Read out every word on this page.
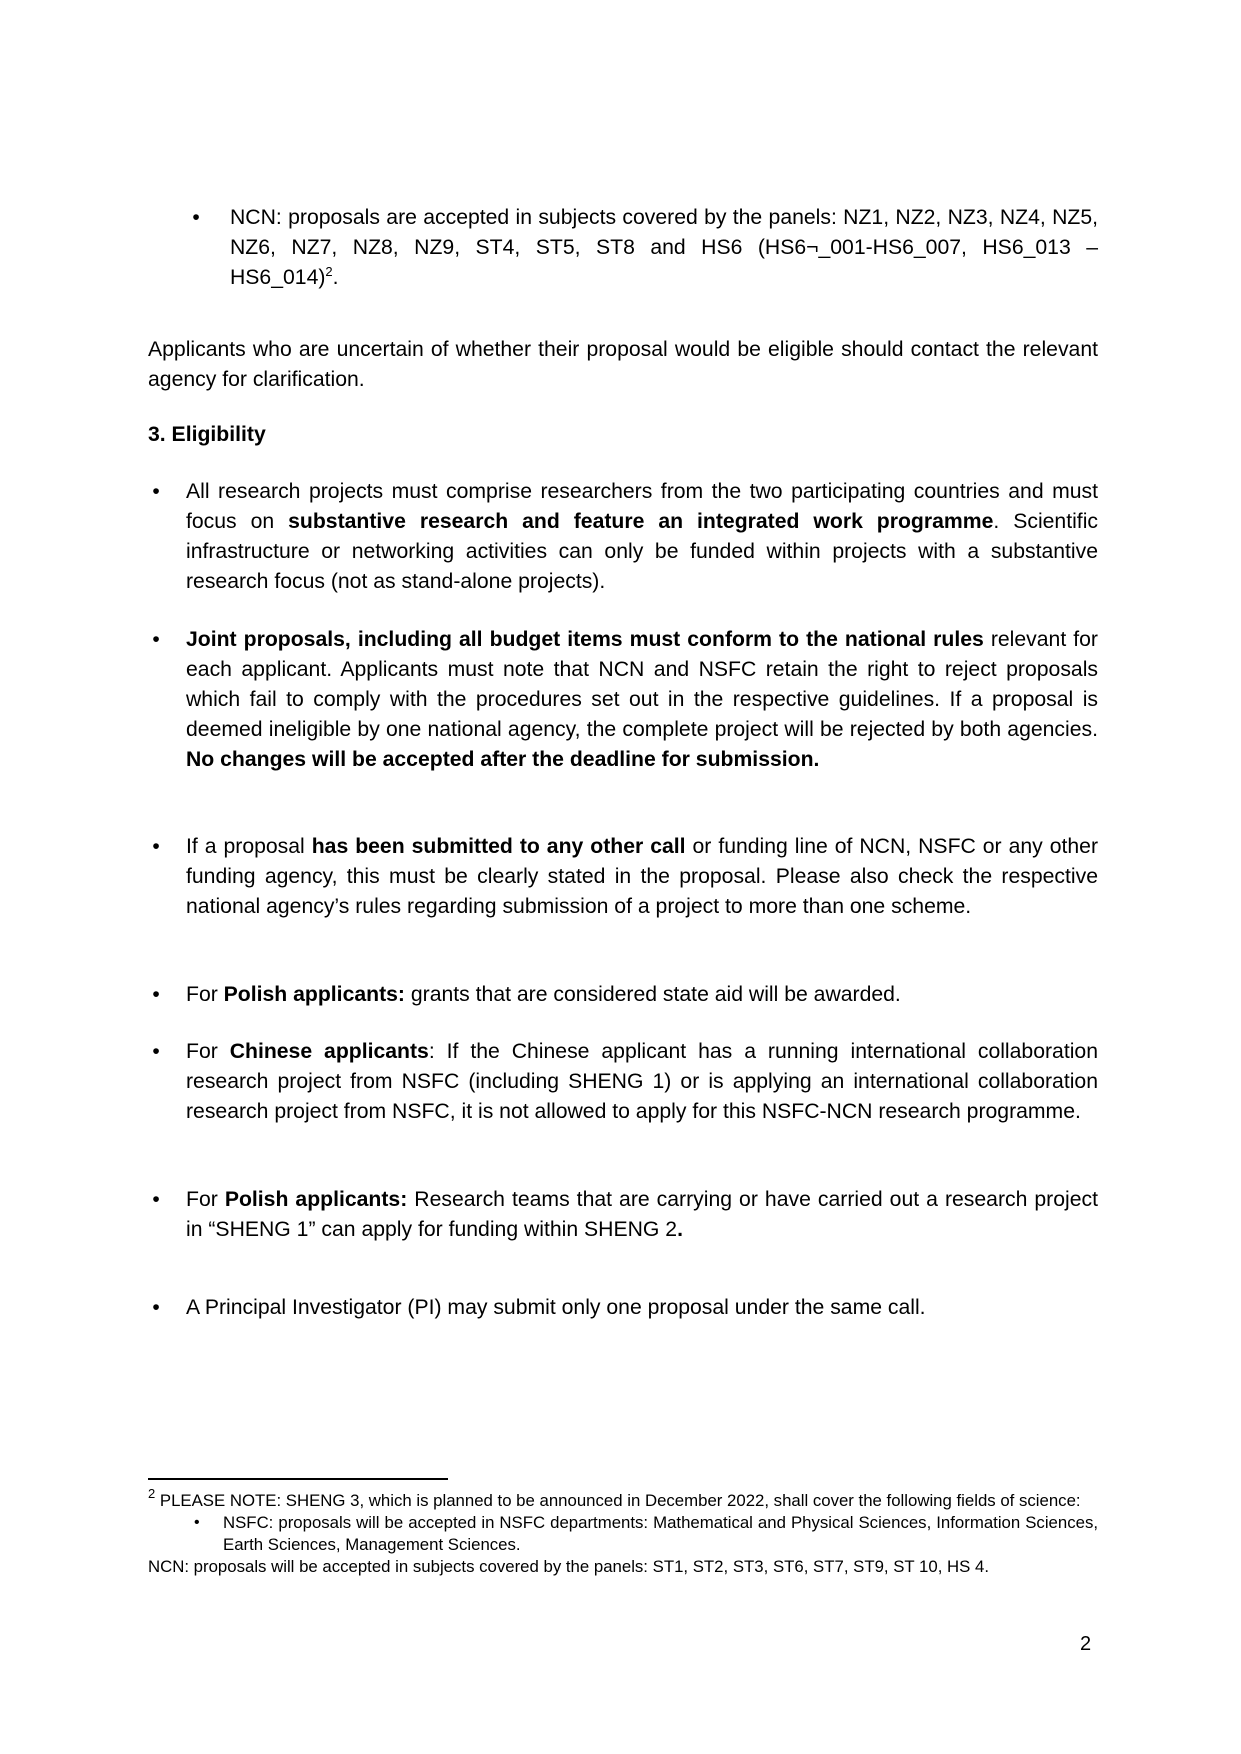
• NCN: proposals are accepted in subjects covered by the panels: NZ1, NZ2, NZ3, NZ4, NZ5, NZ6, NZ7, NZ8, NZ9, ST4, ST5, ST8 and HS6 (HS6¬_001-HS6_007, HS6_013 – HS6_014)$^2$.

Applicants who are uncertain of whether their proposal would be eligible should contact the relevant agency for clarification.

3. Eligibility
• All research projects must comprise researchers from the two participating countries and must focus on substantive research and feature an integrated work programme. Scientific infrastructure or networking activities can only be funded within projects with a substantive research focus (not as stand-alone projects).

• Joint proposals, including all budget items must conform to the national rules relevant for each applicant. Applicants must note that NCN and NSFC retain the right to reject proposals which fail to comply with the procedures set out in the respective guidelines. If a proposal is deemed ineligible by one national agency, the complete project will be rejected by both agencies. No changes will be accepted after the deadline for submission.

• If a proposal has been submitted to any other call or funding line of NCN, NSFC or any other funding agency, this must be clearly stated in the proposal. Please also check the respective national agency’s rules regarding submission of a project to more than one scheme.

• For Polish applicants: grants that are considered state aid will be awarded.

• For Chinese applicants: If the Chinese applicant has a running international collaboration research project from NSFC (including SHENG 1) or is applying an international collaboration research project from NSFC, it is not allowed to apply for this NSFC-NCN research programme.

• For Polish applicants: Research teams that are carrying or have carried out a research project in “SHENG 1” can apply for funding within SHENG 2.

• A Principal Investigator (PI) may submit only one proposal under the same call.

$^2$ PLEASE NOTE: SHENG 3, which is planned to be announced in December 2022, shall cover the following fields of science:

• NSFC: proposals will be accepted in NSFC departments: Mathematical and Physical Sciences, Information Sciences, Earth Sciences, Management Sciences.

NCN: proposals will be accepted in subjects covered by the panels: ST1, ST2, ST3, ST6, ST7, ST9, ST 10, HS 4.

2
